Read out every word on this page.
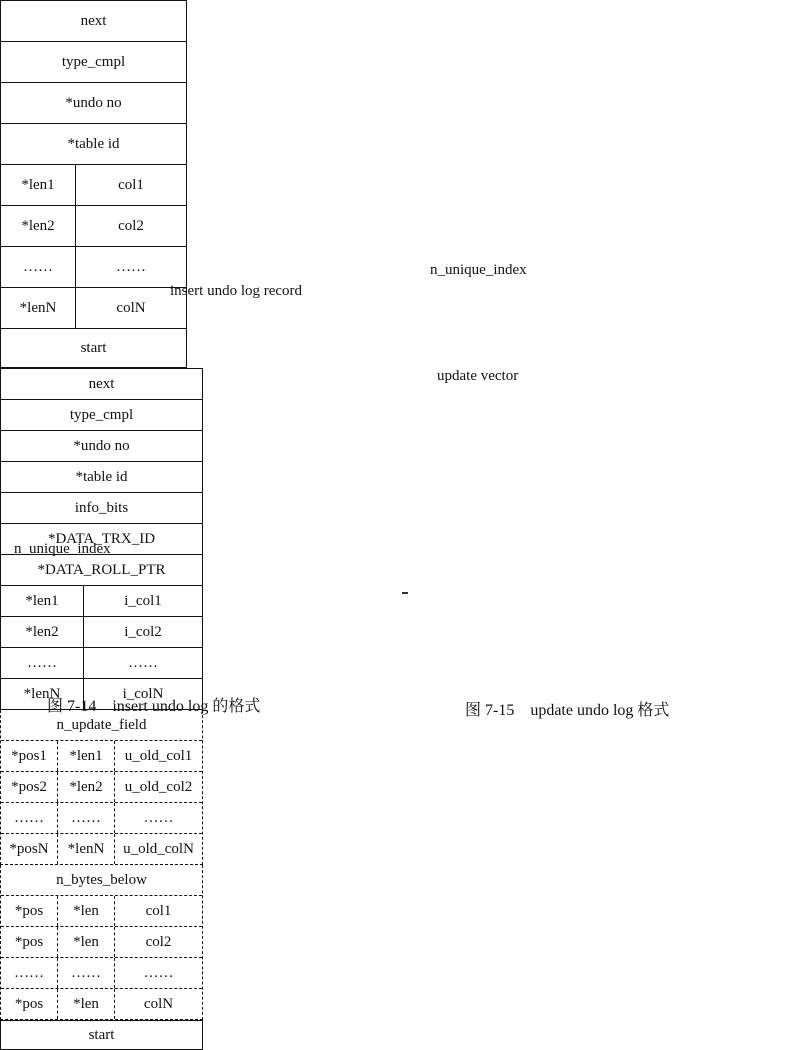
insert undo log record
next
type_cmpl
*undo no
*table id
*len1	col1
*len2	col2
……	……
*lenN	colN
start
n_unique_index
图 7-14　insert undo log 的格式
next
type_cmpl
*undo no
*table id
info_bits
*DATA_TRX_ID
*DATA_ROLL_PTR
*len1	i_col1
*len2	i_col2
……	……
*lenN	i_colN
n_update_field
*pos1	*len1	u_old_col1
*pos2	*len2	u_old_col2
……	……	……
*posN	*lenN	u_old_colN
n_bytes_below
*pos	*len	col1
*pos	*len	col2
……	……	……
*pos	*len	colN
start
n_unique_index
update vector
图 7-15　update undo log 格式
